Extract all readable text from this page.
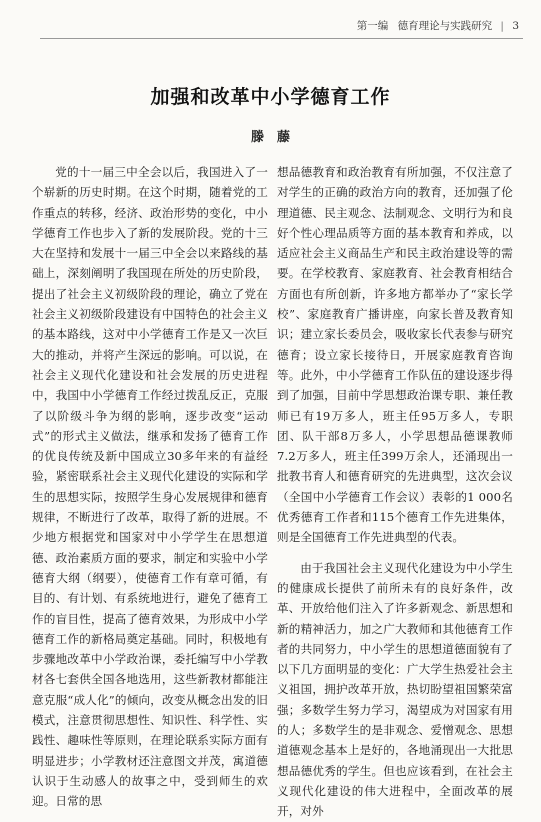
第一编 德育理论与实践研究 | 3
加强和改革中小学德育工作
滕　藤

党的十一届三中全会以后，我国进入了一个崭新的历史时期。在这个时期，随着党的工作重点的转移，经济、政治形势的变化，中小学德育工作也步入了新的发展阶段。党的十三大在坚持和发展十一届三中全会以来路线的基础上，深刻阐明了我国现在所处的历史阶段，提出了社会主义初级阶段的理论，确立了党在社会主义初级阶段建设有中国特色的社会主义的基本路线，这对中小学德育工作是又一次巨大的推动，并将产生深远的影响。可以说，在社会主义现代化建设和社会发展的历史进程中，我国中小学德育工作经过拨乱反正，克服了以阶级斗争为纲的影响，逐步改变“运动式”的形式主义做法，继承和发扬了德育工作的优良传统及新中国成立30多年来的有益经验，紧密联系社会主义现代化建设的实际和学生的思想实际，按照学生身心发展规律和德育规律，不断进行了改革，取得了新的进展。不少地方根据党和国家对中小学学生在思想道德、政治素质方面的要求，制定和实验中小学德育大纲（纲要），使德育工作有章可循，有目的、有计划、有系统地进行，避免了德育工作的盲目性，提高了德育效果，为形成中小学德育工作的新格局奠定基础。同时，积极地有步骤地改革中小学政治课，委托编写中小学教材各七套供全国各地选用，这些新教材都能注意克服“成人化”的倾向，改变从概念出发的旧模式，注意贯彻思想性、知识性、科学性、实践性、趣味性等原则，在理论联系实际方面有明显进步；小学教材还注意图文并茂，寓道德认识于生动感人的故事之中，受到师生的欢迎。日常的思

想品德教育和政治教育有所加强，不仅注意了对学生的正确的政治方向的教育，还加强了伦理道德、民主观念、法制观念、文明行为和良好个性心理品质等方面的基本教育和养成，以适应社会主义商品生产和民主政治建设等的需要。在学校教育、家庭教育、社会教育相结合方面也有所创新，许多地方都举办了“家长学校”、家庭教育广播讲座，向家长普及教育知识；建立家长委员会，吸收家长代表参与研究德育；设立家长接待日，开展家庭教育咨询等。此外，中小学德育工作队伍的建设逐步得到了加强，目前中学思想政治课专职、兼任教师已有19万多人，班主任95万多人，专职团、队干部8万多人，小学思想品德课教师7.2万多人，班主任399万余人，还涌现出一批教书育人和德育研究的先进典型，这次会议（全国中小学德育工作会议）表彰的1 000名优秀德育工作者和115个德育工作先进集体，则是全国德育工作先进典型的代表。

由于我国社会主义现代化建设为中小学生的健康成长提供了前所未有的良好条件，改革、开放给他们注入了许多新观念、新思想和新的精神活力，加之广大教师和其他德育工作者的共同努力，中小学生的思想道德面貌有了以下几方面明显的变化：广大学生热爱社会主义祖国，拥护改革开放，热切盼望祖国繁荣富强；多数学生努力学习，渴望成为对国家有用的人；多数学生的是非观念、爱憎观念、思想道德观念基本上是好的，各地涌现出一大批思想品德优秀的学生。但也应该看到，在社会主义现代化建设的伟大进程中，全面改革的展开，对外
